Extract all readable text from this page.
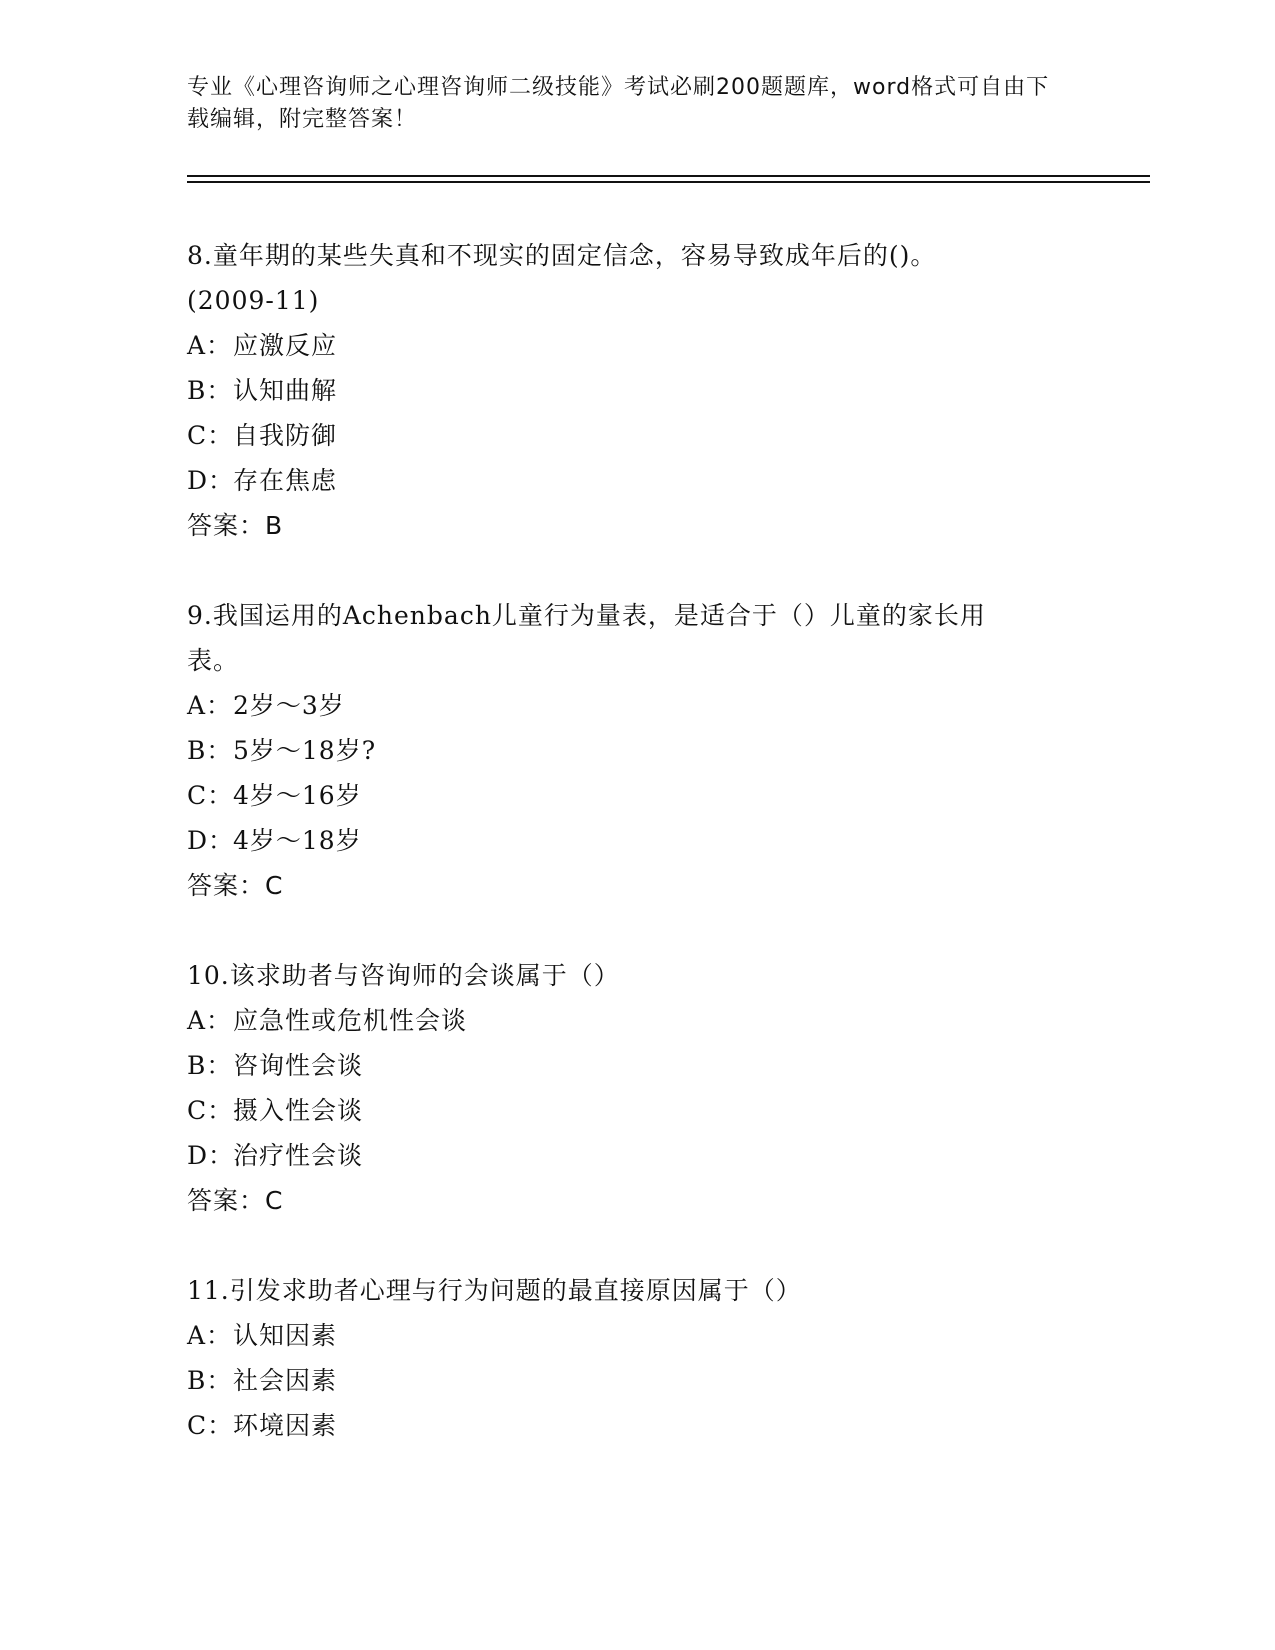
专业《心理咨询师之心理咨询师二级技能》考试必刷200题题库，word格式可自由下载编辑，附完整答案！
8.童年期的某些失真和不现实的固定信念，容易导致成年后的()。
(2009-11)
A：应激反应
B：认知曲解
C：自我防御
D：存在焦虑
答案：B
9.我国运用的Achenbach儿童行为量表，是适合于（）儿童的家长用
表。
A：2岁～3岁
B：5岁～18岁?
C：4岁～16岁
D：4岁～18岁
答案：C
10.该求助者与咨询师的会谈属于（）
A：应急性或危机性会谈
B：咨询性会谈
C：摄入性会谈
D：治疗性会谈
答案：C
11.引发求助者心理与行为问题的最直接原因属于（）
A：认知因素
B：社会因素
C：环境因素
